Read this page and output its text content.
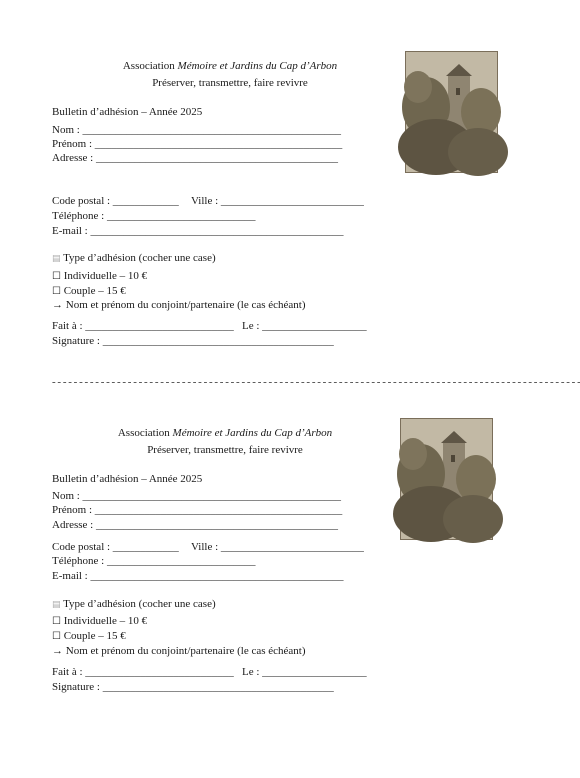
Association Mémoire et Jardins du Cap d’Arbon
Préserver, transmettre, faire revivre
Bulletin d’adhésion – Année 2025
Nom : _______________________________________________
Prénom : _____________________________________________
Adresse : ____________________________________________
Code postal : ____________ Ville : __________________________
Téléphone : ___________________________
E-mail : ______________________________________________
▤ Type d’adhésion (cocher une case)
☐ Individuelle – 10 €
☐ Couple – 15 €
→ Nom et prénom du conjoint/partenaire (le cas échéant)
Fait à : ___________________________ Le : ___________________
Signature : __________________________________________
- - - - - - - - - - - - - - - - - - - - - - - - - - - - - - - - - - - - - - - - - - - - - - - - - - - - - - - - - - - - - - - - - - - - - - - - - - - - - - - - - - - - - - - - - - - - - - - - - -
Association Mémoire et Jardins du Cap d’Arbon
Préserver, transmettre, faire revivre
Bulletin d’adhésion – Année 2025
Nom : _______________________________________________
Prénom : _____________________________________________
Adresse : ____________________________________________
Code postal : ____________ Ville : __________________________
Téléphone : ___________________________
E-mail : ______________________________________________
▤ Type d’adhésion (cocher une case)
☐ Individuelle – 10 €
☐ Couple – 15 €
→ Nom et prénom du conjoint/partenaire (le cas échéant)
Fait à : ___________________________ Le : ___________________
Signature : __________________________________________
